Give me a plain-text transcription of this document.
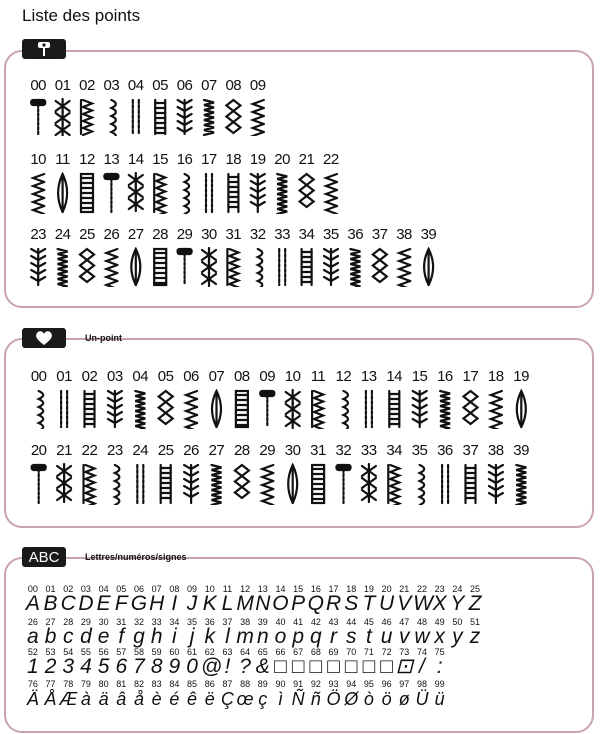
Liste des points
00 01 02 03 04 05 06 07 08 09
10 11 12 13 14 15 16 17 18 19 20 21 22
23 24 25 26 27 28 29 30 31 32 33 34 35 36 37 38 39
Un-point
00 01 02 03 04 05 06 07 08 09 10 11 12 13 14 15 16 17 18 19
20 21 22 23 24 25 26 27 28 29 30 31 32 33 34 35 36 37 38 39
ABC	Lettres/numéros/signes
00 01 02 03 04 05 06 07 08 09 10 11 12 13 14 15 16 17 18 19 20 21 22 23 24 25
A B C D E F G H I J K L M N O P Q R S T U V W X Y Z
26 27 28 29 30 31 32 33 34 35 36 37 38 39 40 41 42 43 44 45 46 47 48 49 50 51
a b c d e f g h i j k l m n o p q r s t u v w x y z
52 53 54 55 56 57 58 59 60 61 62 63 64 65 66 67 68 69 70 71 72 73 74 75
1 2 3 4 5 6 7 8 9 0 @ ! ? & □ □ □ □ □ □ □ ⊡ / :
76 77 78 79 80 81 82 83 84 85 86 87 88 89 90 91 92 93 94 95 96 97 98 99
Ä Å Æ à ä â å è é ê ë Ç œ ç ì Ñ ñ Ö Ø ò ö ø Ü ü
